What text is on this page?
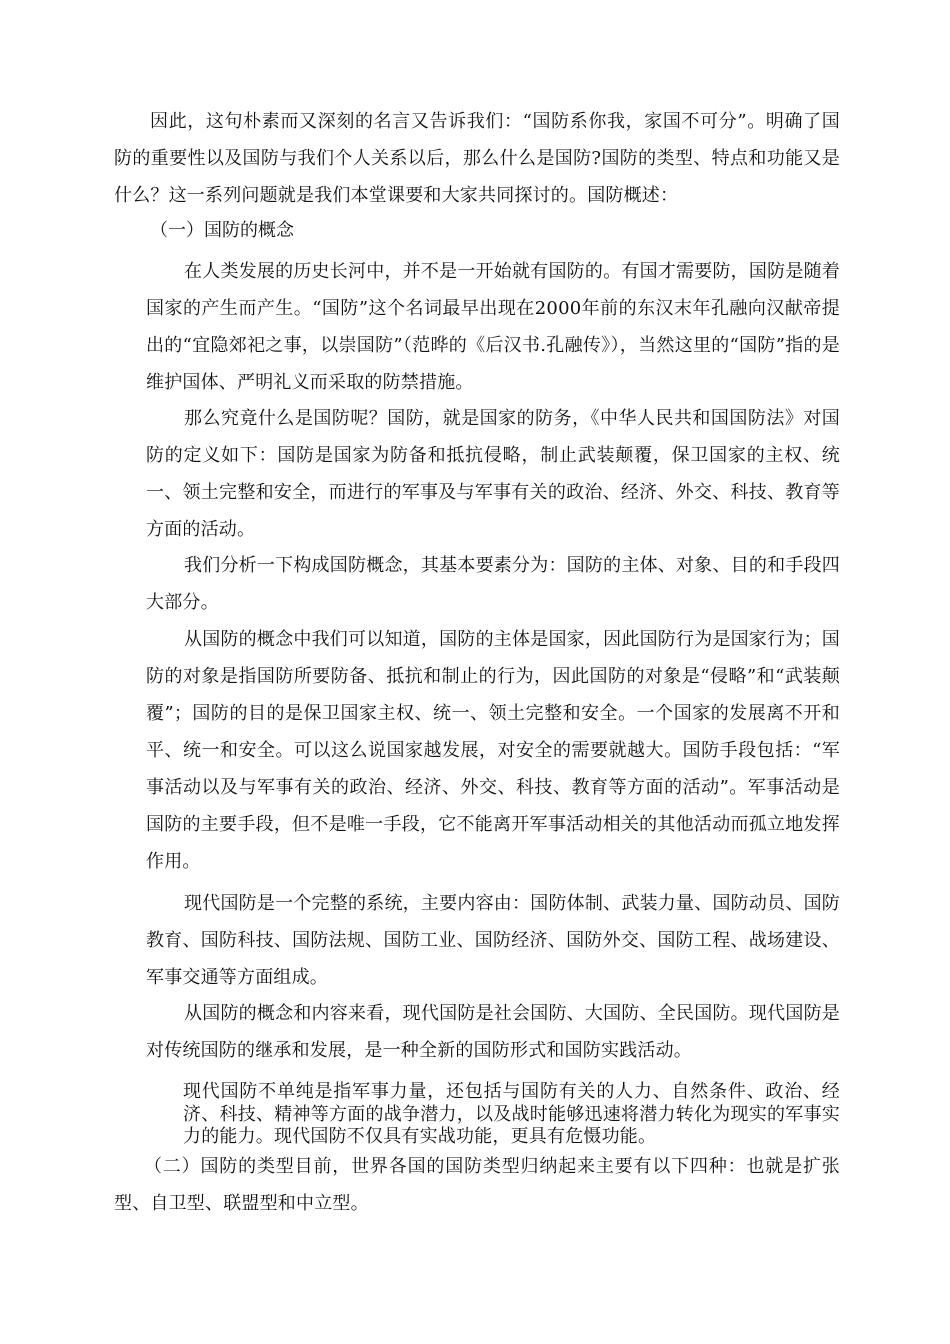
因此，这句朴素而又深刻的名言又告诉我们：“国防系你我，家国不可分”。明确了国防的重要性以及国防与我们个人关系以后，那么什么是国防?国防的类型、特点和功能又是什么？这一系列问题就是我们本堂课要和大家共同探讨的。国防概述：

（一）国防的概念

在人类发展的历史长河中，并不是一开始就有国防的。有国才需要防，国防是随着国家的产生而产生。“国防”这个名词最早出现在2000年前的东汉末年孔融向汉献帝提出的“宜隐郊祀之事，以崇国防”（范晔的《后汉书.孔融传》），当然这里的“国防”指的是维护国体、严明礼义而采取的防禁措施。

那么究竟什么是国防呢？国防，就是国家的防务，《中华人民共和国国防法》对国防的定义如下：国防是国家为防备和抵抗侵略，制止武装颠覆，保卫国家的主权、统一、领土完整和安全，而进行的军事及与军事有关的政治、经济、外交、科技、教育等方面的活动。

我们分析一下构成国防概念，其基本要素分为：国防的主体、对象、目的和手段四大部分。

从国防的概念中我们可以知道，国防的主体是国家，因此国防行为是国家行为；国防的对象是指国防所要防备、抵抗和制止的行为，因此国防的对象是“侵略”和“武装颠覆”；国防的目的是保卫国家主权、统一、领土完整和安全。一个国家的发展离不开和平、统一和安全。可以这么说国家越发展，对安全的需要就越大。国防手段包括：“军事活动以及与军事有关的政治、经济、外交、科技、教育等方面的活动”。军事活动是国防的主要手段，但不是唯一手段，它不能离开军事活动相关的其他活动而孤立地发挥作用。

现代国防是一个完整的系统，主要内容由：国防体制、武装力量、国防动员、国防教育、国防科技、国防法规、国防工业、国防经济、国防外交、国防工程、战场建设、军事交通等方面组成。

从国防的概念和内容来看，现代国防是社会国防、大国防、全民国防。现代国防是对传统国防的继承和发展，是一种全新的国防形式和国防实践活动。

现代国防不单纯是指军事力量，还包括与国防有关的人力、自然条件、政治、经济、科技、精神等方面的战争潜力，以及战时能够迅速将潜力转化为现实的军事实力的能力。现代国防不仅具有实战功能，更具有危慑功能。

（二）国防的类型目前，世界各国的国防类型归纳起来主要有以下四种：也就是扩张型、自卫型、联盟型和中立型。
